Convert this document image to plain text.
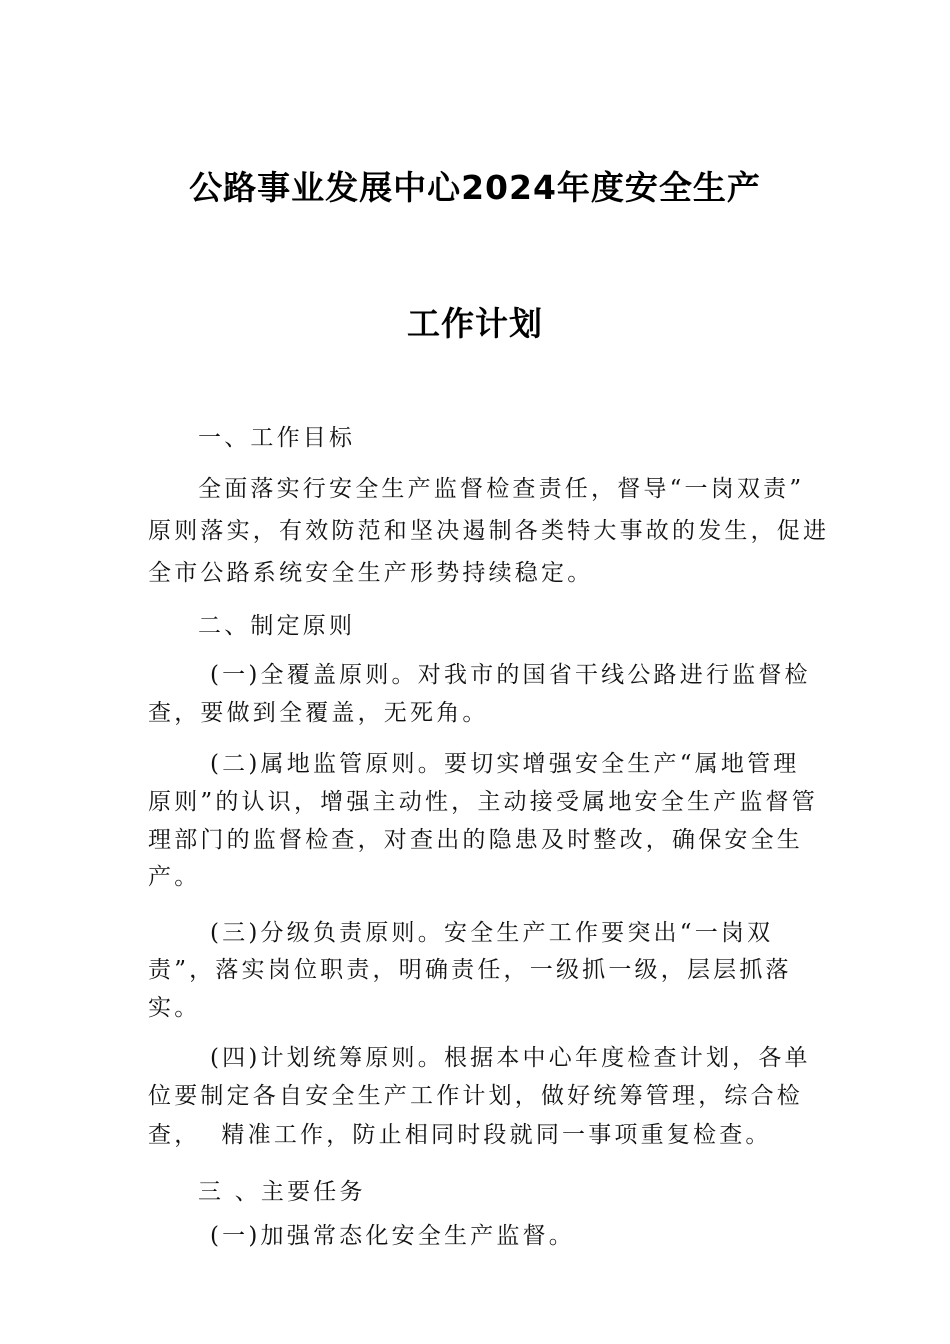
公路事业发展中心2024年度安全生产
工作计划
一、工作目标
全面落实行安全生产监督检查责任，督导“一岗双责”
原则落实，有效防范和坚决遏制各类特大事故的发生，促进
全市公路系统安全生产形势持续稳定。
二、制定原则
(一)全覆盖原则。对我市的国省干线公路进行监督检
查，要做到全覆盖，无死角。
(二)属地监管原则。要切实增强安全生产“属地管理
原则”的认识，增强主动性，主动接受属地安全生产监督管
理部门的监督检查，对查出的隐患及时整改，确保安全生
产。
(三)分级负责原则。安全生产工作要突出“一岗双
责”，落实岗位职责，明确责任，一级抓一级，层层抓落
实。
(四)计划统筹原则。根据本中心年度检查计划，各单
位要制定各自安全生产工作计划，做好统筹管理，综合检
查，  精准工作，防止相同时段就同一事项重复检查。
三 、主要任务
(一)加强常态化安全生产监督。
